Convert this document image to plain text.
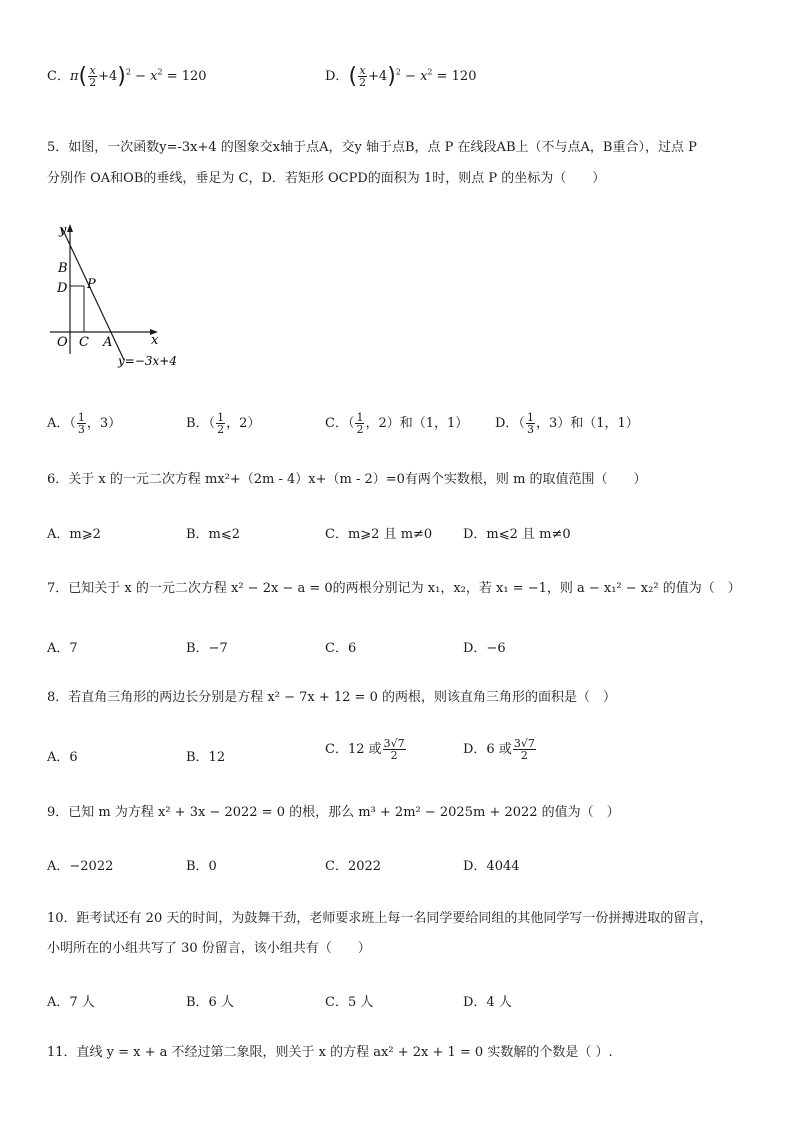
C．$\pi( \frac{x}{2} +4)^2 - x^2 = 120$	D．( $\frac{x}{2} +4)^2 - x^2 = 120$
5．如图，一次函数y=-3x+4 的图象交x轴于点A，交y 轴于点B，点 P 在线段AB上（不与点A，B重合），过点 P
分别作 OA和OB的垂线，垂足为 C，D．若矩形 OCPD的面积为 1时，则点 P 的坐标为（　　）
y
x
B
D P
O C A
y=−3x+4
A．（ $\frac{1}{3}$ ，3）	B．（ $\frac{1}{2}$ ，2）	C．（ $\frac{1}{2}$ ，2）和（1，1） D．（ $\frac{1}{3}$ ，3）和（1，1）
6．关于 x 的一元二次方程 mx²+（2m - 4）x+（m - 2）=0有两个实数根，则 m 的取值范围（　　）
A．m⩾2	B．m⩽2	C．m⩾2 且 m≠0 D．m⩽2 且 m≠0
7．已知关于 x 的一元二次方程 x² − 2x − a = 0的两根分别记为 x₁，x₂，若 x₁ = −1，则 a − x₁² − x₂² 的值为（　）
A．7	B．−7	C．6	D．−6
8．若直角三角形的两边长分别是方程 x² − 7x + 12 = 0 的两根，则该直角三角形的面积是（　）
A．6	B．12
C．12 或 $\frac{3√7}{2}$	D．6 或 $\frac{3√7}{2}$
9．已知 m 为方程 x² + 3x − 2022 = 0 的根，那么 m³ + 2m² − 2025m + 2022 的值为（　）
A．−2022	B．0	C．2022	D．4044
10．距考试还有 20 天的时间，为鼓舞干劲，老师要求班上每一名同学要给同组的其他同学写一份拼搏进取的留言，
小明所在的小组共写了 30 份留言，该小组共有（　　）
A．7 人	B．6 人	C．5 人	D．4 人
11．直线 y = x + a 不经过第二象限，则关于 x 的方程 ax² + 2x + 1 = 0 实数解的个数是（ ）.
